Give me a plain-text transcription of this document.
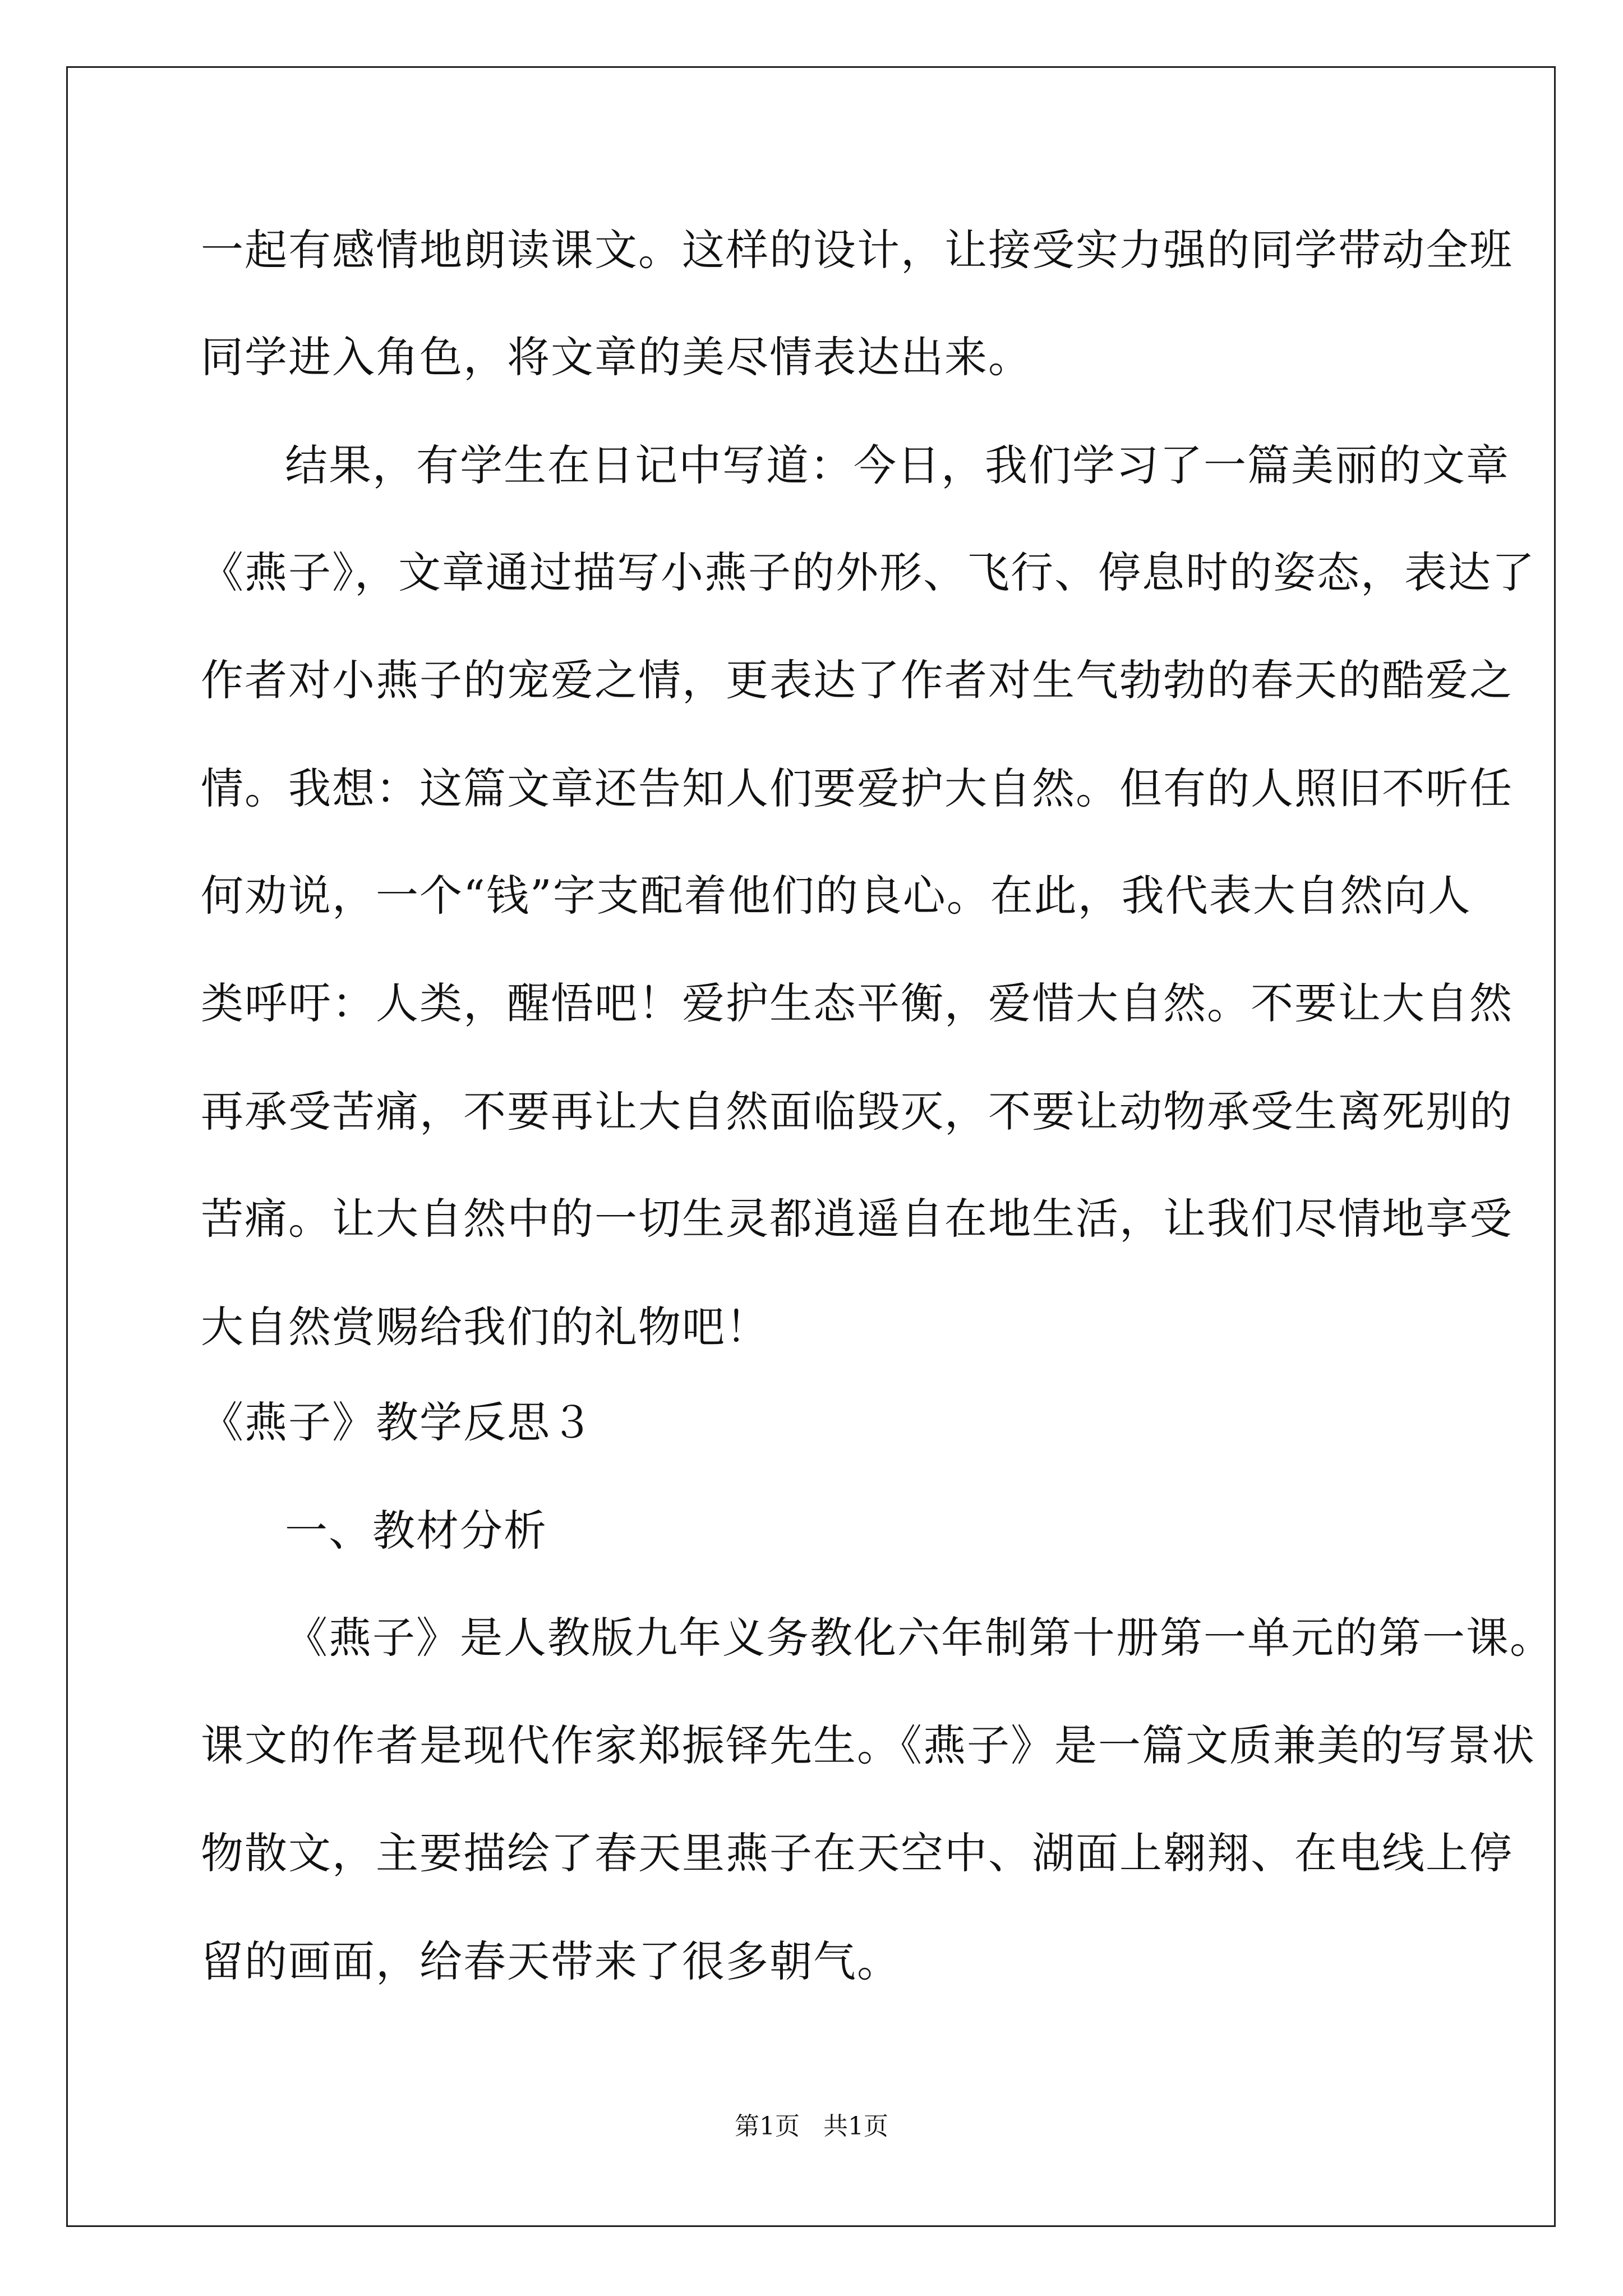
一起有感情地朗读课文。这样的设计，让接受实力强的同学带动全班
同学进入角色，将文章的美尽情表达出来。
结果，有学生在日记中写道：今日，我们学习了一篇美丽的文章
《燕子》，文章通过描写小燕子的外形、飞行、停息时的姿态，表达了
作者对小燕子的宠爱之情，更表达了作者对生气勃勃的春天的酷爱之
情。我想：这篇文章还告知人们要爱护大自然。但有的人照旧不听任
何劝说，一个“钱”字支配着他们的良心。在此，我代表大自然向人
类呼吁：人类，醒悟吧！爱护生态平衡，爱惜大自然。不要让大自然
再承受苦痛，不要再让大自然面临毁灭，不要让动物承受生离死别的
苦痛。让大自然中的一切生灵都逍遥自在地生活，让我们尽情地享受
大自然赏赐给我们的礼物吧！
《燕子》教学反思３
一、教材分析
《燕子》是人教版九年义务教化六年制第十册第一单元的第一课。
课文的作者是现代作家郑振铎先生。《燕子》是一篇文质兼美的写景状
物散文，主要描绘了春天里燕子在天空中、湖面上翱翔、在电线上停
留的画面，给春天带来了很多朝气。
第1页   共1页
